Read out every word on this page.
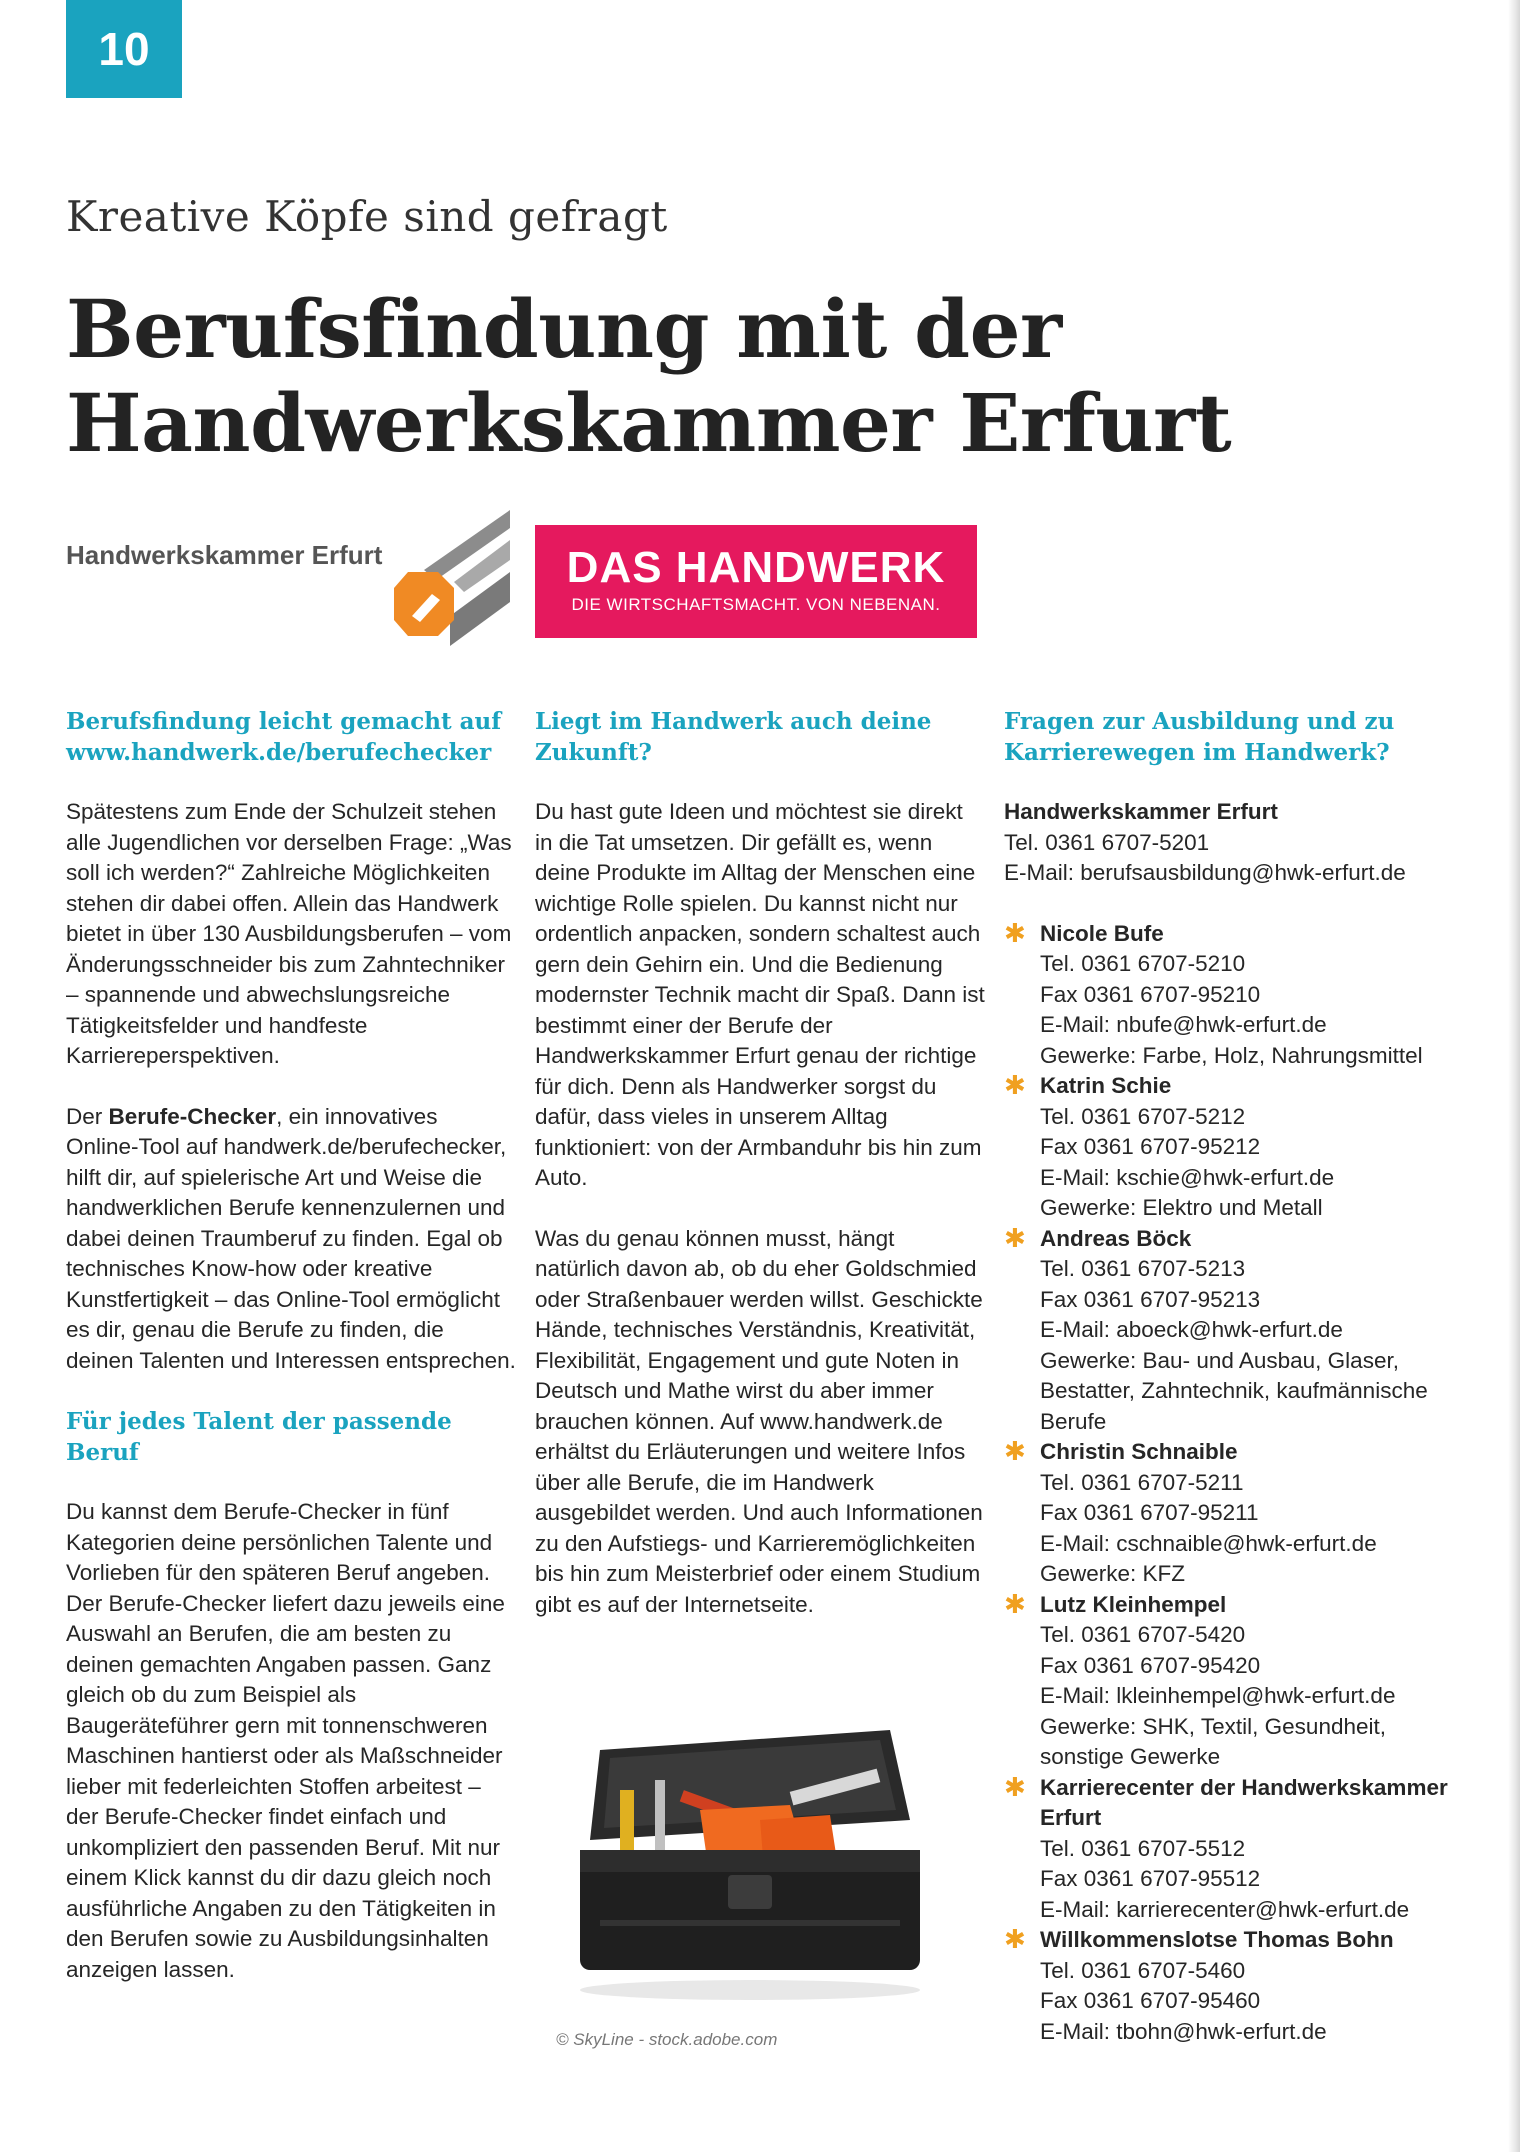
10
Kreative Köpfe sind gefragt
Berufsfindung mit der
Handwerkskammer Erfurt
Handwerkskammer Erfurt	DAS HANDWERK
DIE WIRTSCHAFTSMACHT. VON NEBENAN.
Berufsfindung leicht gemacht auf www.handwerk.de/berufechecker
Spätestens zum Ende der Schulzeit stehen alle Jugendlichen vor derselben Frage: „Was soll ich werden?“ Zahlreiche Möglichkeiten stehen dir dabei offen. Allein das Handwerk bietet in über 130 Ausbildungsberufen – vom Änderungsschneider bis zum Zahntechniker – spannende und abwechslungsreiche Tätigkeitsfelder und handfeste Karriereperspektiven.
Der Berufe-Checker, ein innovatives Online-Tool auf handwerk.de/berufechecker, hilft dir, auf spielerische Art und Weise die handwerklichen Berufe kennenzulernen und dabei deinen Traumberuf zu finden. Egal ob technisches Know-how oder kreative Kunstfertigkeit – das Online-Tool ermöglicht es dir, genau die Berufe zu finden, die deinen Talenten und Interessen entsprechen.
Für jedes Talent der passende Beruf
Du kannst dem Berufe-Checker in fünf Kategorien deine persönlichen Talente und Vorlieben für den späteren Beruf angeben. Der Berufe-Checker liefert dazu jeweils eine Auswahl an Berufen, die am besten zu deinen gemachten Angaben passen. Ganz gleich ob du zum Beispiel als Baugeräteführer gern mit tonnenschweren Maschinen hantierst oder als Maßschneider lieber mit federleichten Stoffen arbeitest – der Berufe-Checker findet einfach und unkompliziert den passenden Beruf. Mit nur einem Klick kannst du dir dazu gleich noch ausführliche Angaben zu den Tätigkeiten in den Berufen sowie zu Ausbildungsinhalten anzeigen lassen.
Liegt im Handwerk auch deine Zukunft?
Du hast gute Ideen und möchtest sie direkt in die Tat umsetzen. Dir gefällt es, wenn deine Produkte im Alltag der Menschen eine wichtige Rolle spielen. Du kannst nicht nur ordentlich anpacken, sondern schaltest auch gern dein Gehirn ein. Und die Bedienung modernster Technik macht dir Spaß. Dann ist bestimmt einer der Berufe der Handwerkskammer Erfurt genau der richtige für dich. Denn als Handwerker sorgst du dafür, dass vieles in unserem Alltag funktioniert: von der Armbanduhr bis hin zum Auto.
Was du genau können musst, hängt natürlich davon ab, ob du eher Goldschmied oder Straßenbauer werden willst. Geschickte Hände, technisches Verständnis, Kreativität, Flexibilität, Engagement und gute Noten in Deutsch und Mathe wirst du aber immer brauchen können. Auf www.handwerk.de erhältst du Erläuterungen und weitere Infos über alle Berufe, die im Handwerk ausgebildet werden. Und auch Informationen zu den Aufstiegs- und Karrieremöglichkeiten bis hin zum Meisterbrief oder einem Studium gibt es auf der Internetseite.
© SkyLine - stock.adobe.com
Fragen zur Ausbildung und zu Karrierewegen im Handwerk?
Handwerkskammer Erfurt
Tel. 0361 6707-5201
E-Mail: berufsausbildung@hwk-erfurt.de
✱ Nicole Bufe
Tel. 0361 6707-5210
Fax 0361 6707-95210
E-Mail: nbufe@hwk-erfurt.de
Gewerke: Farbe, Holz, Nahrungsmittel
✱ Katrin Schie
Tel. 0361 6707-5212
Fax 0361 6707-95212
E-Mail: kschie@hwk-erfurt.de
Gewerke: Elektro und Metall
✱ Andreas Böck
Tel. 0361 6707-5213
Fax 0361 6707-95213
E-Mail: aboeck@hwk-erfurt.de
Gewerke: Bau- und Ausbau, Glaser, Bestatter, Zahntechnik, kaufmännische Berufe
✱ Christin Schnaible
Tel. 0361 6707-5211
Fax 0361 6707-95211
E-Mail: cschnaible@hwk-erfurt.de
Gewerke: KFZ
✱ Lutz Kleinhempel
Tel. 0361 6707-5420
Fax 0361 6707-95420
E-Mail: lkleinhempel@hwk-erfurt.de
Gewerke: SHK, Textil, Gesundheit, sonstige Gewerke
✱ Karrierecenter der Handwerkskammer Erfurt
Tel. 0361 6707-5512
Fax 0361 6707-95512
E-Mail: karrierecenter@hwk-erfurt.de
✱ Willkommenslotse Thomas Bohn
Tel. 0361 6707-5460
Fax 0361 6707-95460
E-Mail: tbohn@hwk-erfurt.de
